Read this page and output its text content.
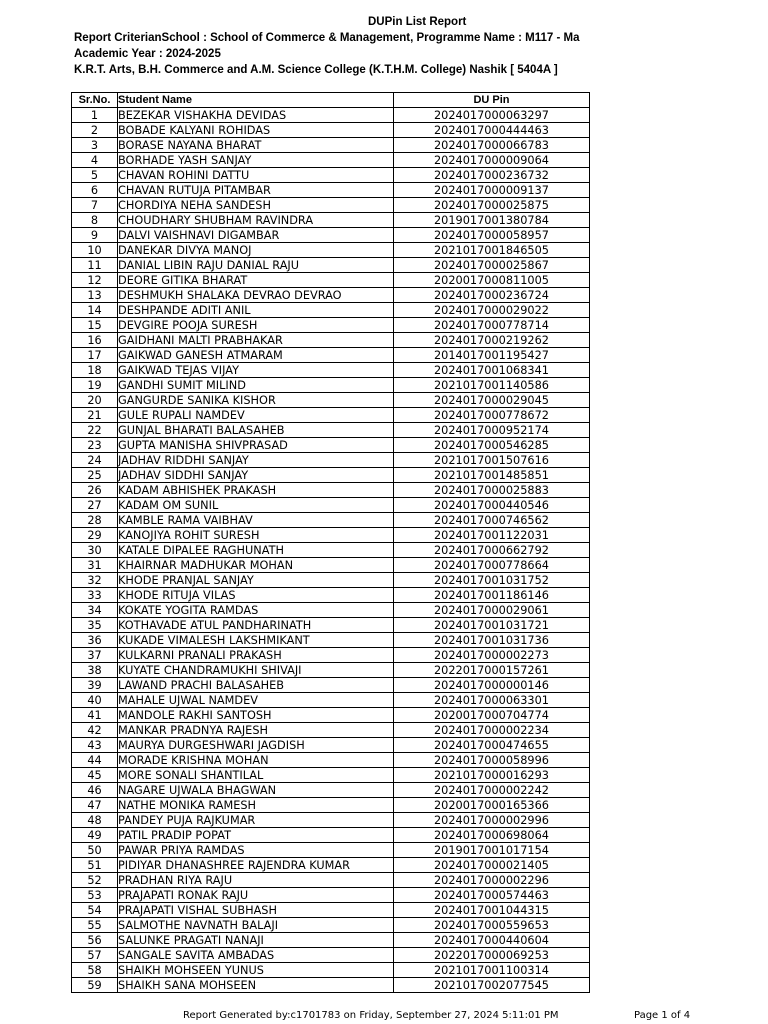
DUPin List Report
Report CriterianSchool : School of Commerce & Management, Programme Name : M117 - Ma
Academic Year : 2024-2025
K.R.T. Arts, B.H. Commerce and A.M. Science College (K.T.H.M. College) Nashik [ 5404A ]
Sr.No.	Student Name	DU Pin
1	BEZEKAR VISHAKHA DEVIDAS	2024017000063297
2	BOBADE KALYANI ROHIDAS	2024017000444463
3	BORASE NAYANA BHARAT	2024017000066783
4	BORHADE YASH SANJAY	2024017000009064
5	CHAVAN ROHINI DATTU	2024017000236732
6	CHAVAN RUTUJA PITAMBAR	2024017000009137
7	CHORDIYA NEHA SANDESH	2024017000025875
8	CHOUDHARY SHUBHAM RAVINDRA	2019017001380784
9	DALVI VAISHNAVI DIGAMBAR	2024017000058957
10	DANEKAR DIVYA MANOJ	2021017001846505
11	DANIAL LIBIN RAJU DANIAL RAJU	2024017000025867
12	DEORE GITIKA BHARAT	2020017000811005
13	DESHMUKH SHALAKA DEVRAO DEVRAO	2024017000236724
14	DESHPANDE ADITI ANIL	2024017000029022
15	DEVGIRE POOJA SURESH	2024017000778714
16	GAIDHANI MALTI PRABHAKAR	2024017000219262
17	GAIKWAD GANESH ATMARAM	2014017001195427
18	GAIKWAD TEJAS VIJAY	2024017001068341
19	GANDHI SUMIT MILIND	2021017001140586
20	GANGURDE SANIKA KISHOR	2024017000029045
21	GULE RUPALI NAMDEV	2024017000778672
22	GUNJAL BHARATI BALASAHEB	2024017000952174
23	GUPTA MANISHA SHIVPRASAD	2024017000546285
24	JADHAV RIDDHI SANJAY	2021017001507616
25	JADHAV SIDDHI SANJAY	2021017001485851
26	KADAM ABHISHEK PRAKASH	2024017000025883
27	KADAM OM SUNIL	2024017000440546
28	KAMBLE RAMA VAIBHAV	2024017000746562
29	KANOJIYA ROHIT SURESH	2024017001122031
30	KATALE DIPALEE RAGHUNATH	2024017000662792
31	KHAIRNAR MADHUKAR MOHAN	2024017000778664
32	KHODE PRANJAL SANJAY	2024017001031752
33	KHODE RITUJA VILAS	2024017001186146
34	KOKATE YOGITA RAMDAS	2024017000029061
35	KOTHAVADE ATUL PANDHARINATH	2024017001031721
36	KUKADE VIMALESH LAKSHMIKANT	2024017001031736
37	KULKARNI PRANALI PRAKASH	2024017000002273
38	KUYATE CHANDRAMUKHI SHIVAJI	2022017000157261
39	LAWAND PRACHI BALASAHEB	2024017000000146
40	MAHALE UJWAL NAMDEV	2024017000063301
41	MANDOLE RAKHI SANTOSH	2020017000704774
42	MANKAR PRADNYA RAJESH	2024017000002234
43	MAURYA DURGESHWARI JAGDISH	2024017000474655
44	MORADE KRISHNA MOHAN	2024017000058996
45	MORE SONALI SHANTILAL	2021017000016293
46	NAGARE UJWALA BHAGWAN	2024017000002242
47	NATHE MONIKA RAMESH	2020017000165366
48	PANDEY PUJA RAJKUMAR	2024017000002996
49	PATIL PRADIP POPAT	2024017000698064
50	PAWAR PRIYA RAMDAS	2019017001017154
51	PIDIYAR DHANASHREE RAJENDRA KUMAR	2024017000021405
52	PRADHAN RIYA RAJU	2024017000002296
53	PRAJAPATI RONAK RAJU	2024017000574463
54	PRAJAPATI VISHAL SUBHASH	2024017001044315
55	SALMOTHE NAVNATH BALAJI	2024017000559653
56	SALUNKE PRAGATI NANAJI	2024017000440604
57	SANGALE SAVITA AMBADAS	2022017000069253
58	SHAIKH MOHSEEN YUNUS	2021017001100314
59	SHAIKH SANA MOHSEEN	2021017002077545
Report Generated by:c1701783 on Friday, September 27, 2024 5:11:01 PM	Page 1 of 4
